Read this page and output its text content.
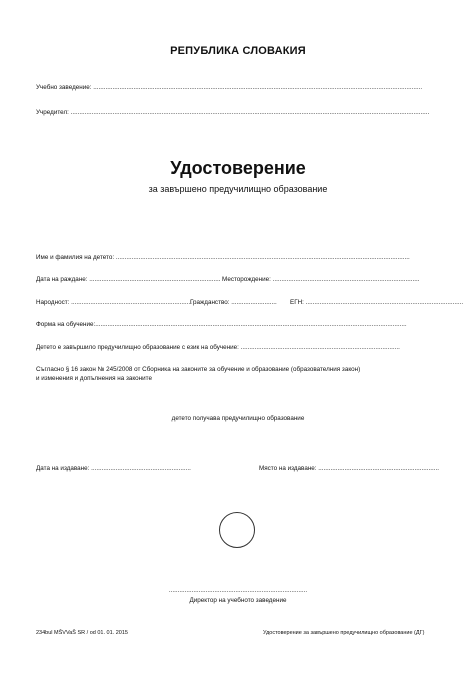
РЕПУБЛИКА СЛОВАКИЯ
Учебно заведение: ............................................................................................................................................................................................
Учредител: .............................................................................................................................................................................................................
Удостоверение
за завършено предучилищно образование
Име и фамилия на детето: ........................................................................................................................................................................
Дата на раждане: ........................................................................... Месторождение: ....................................................................................
Народност: .....................................................................
Гражданство: .......................... ЕГН: ..........................................................................................
Форма на обучение:..................................................................................................................................................................................
Детето е завършило предучилищно образование с език на обучение: ...........................................................................................
Съгласно § 16 закон № 245/2008 от Сборника на законите за обучение и образование (образователния закон)
и изменения и допълнения на законите
детето получава предучилищно образование
Дата на издаване: .........................................................	Място на издаване: .....................................................................
...............................................................................
Директор на учебното заведение
234bul MŠVVaŠ SR / od 01. 01. 2015	Удостоверение за завършено предучилищно образование (ДГ)
